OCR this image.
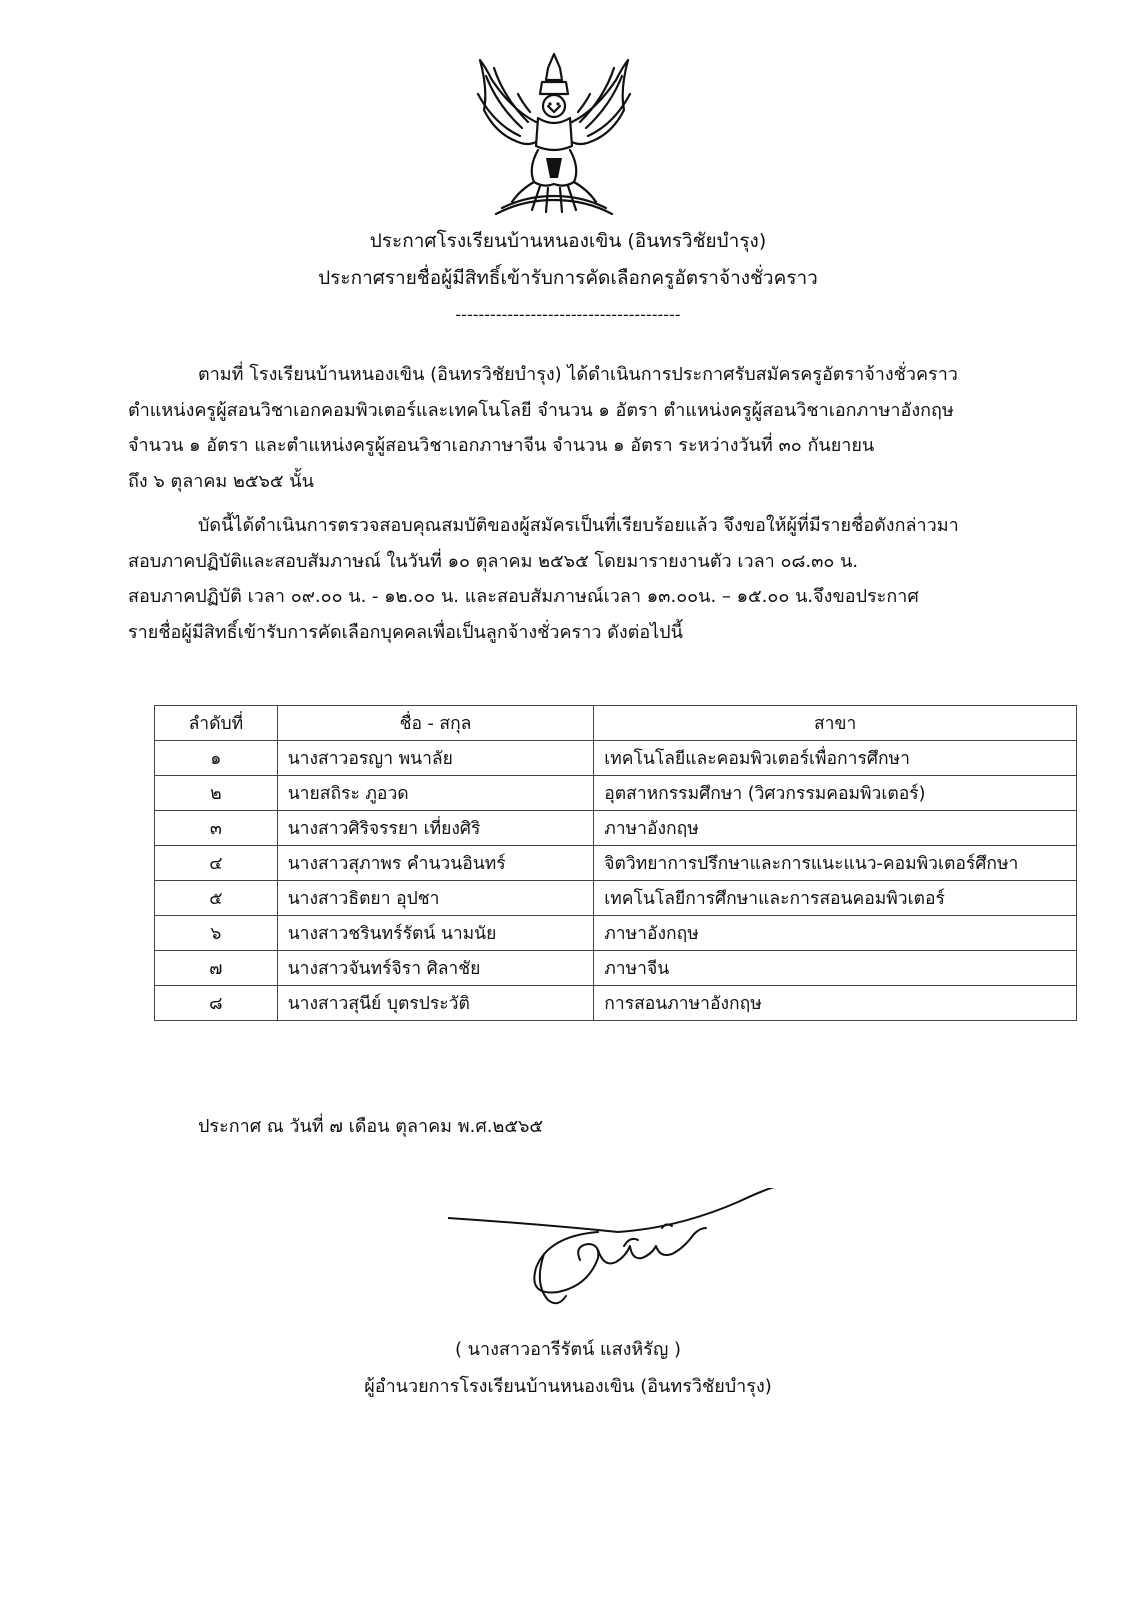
ประกาศโรงเรียนบ้านหนองเขิน (อินทรวิชัยบำรุง)
ประกาศรายชื่อผู้มีสิทธิ์เข้ารับการคัดเลือกครูอัตราจ้างชั่วคราว
---------------------------------------
ตามที่ โรงเรียนบ้านหนองเขิน (อินทรวิชัยบำรุง) ได้ดำเนินการประกาศรับสมัครครูอัตราจ้างชั่วคราว
ตำแหน่งครูผู้สอนวิชาเอกคอมพิวเตอร์และเทคโนโลยี จำนวน ๑ อัตรา ตำแหน่งครูผู้สอนวิชาเอกภาษาอังกฤษ
จำนวน ๑ อัตรา และตำแหน่งครูผู้สอนวิชาเอกภาษาจีน จำนวน ๑ อัตรา ระหว่างวันที่ ๓๐ กันยายน
ถึง ๖ ตุลาคม ๒๕๖๕ นั้น
บัดนี้ได้ดำเนินการตรวจสอบคุณสมบัติของผู้สมัครเป็นที่เรียบร้อยแล้ว จึงขอให้ผู้ที่มีรายชื่อดังกล่าวมา
สอบภาคปฏิบัติและสอบสัมภาษณ์ ในวันที่ ๑๐ ตุลาคม ๒๕๖๕ โดยมารายงานตัว เวลา ๐๘.๓๐ น.
สอบภาคปฏิบัติ เวลา ๐๙.๐๐ น. - ๑๒.๐๐ น. และสอบสัมภาษณ์เวลา ๑๓.๐๐น. – ๑๕.๐๐ น.จึงขอประกาศ
รายชื่อผู้มีสิทธิ์เข้ารับการคัดเลือกบุคคลเพื่อเป็นลูกจ้างชั่วคราว ดังต่อไปนี้
ลำดับที่	ชื่อ - สกุล	สาขา
๑	นางสาวอรญา พนาลัย	เทคโนโลยีและคอมพิวเตอร์เพื่อการศึกษา
๒	นายสถิระ ภูอวด	อุตสาหกรรมศึกษา (วิศวกรรมคอมพิวเตอร์)
๓	นางสาวศิริจรรยา เที่ยงศิริ	ภาษาอังกฤษ
๔	นางสาวสุภาพร คำนวนอินทร์	จิตวิทยาการปรึกษาและการแนะแนว-คอมพิวเตอร์ศึกษา
๕	นางสาวธิตยา อุปชา	เทคโนโลยีการศึกษาและการสอนคอมพิวเตอร์
๖	นางสาวชรินทร์รัตน์ นามนัย	ภาษาอังกฤษ
๗	นางสาวจันทร์จิรา ศิลาชัย	ภาษาจีน
๘	นางสาวสุนีย์ บุตรประวัติ	การสอนภาษาอังกฤษ
ประกาศ ณ วันที่ ๗ เดือน ตุลาคม พ.ศ.๒๕๖๕
( นางสาวอารีรัตน์ แสงหิรัญ )
ผู้อำนวยการโรงเรียนบ้านหนองเขิน (อินทรวิชัยบำรุง)
